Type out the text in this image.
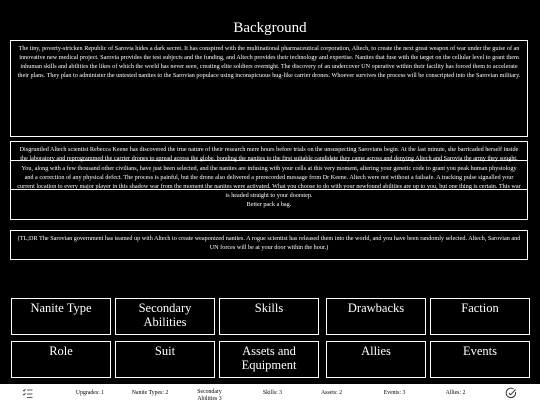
Background
The tiny, poverty-stricken Republic of Sarovia hides a dark secret. It has conspired with the multinational pharmaceutical corporation, Altech, to create the next great weapon of war under the guise of an innovative new medical project. Sarovia provides the test subjects and the funding, and Altech provides their technology and expertise. Nanites that fuse with the target on the cellular level to grant them inhuman skills and abilities the likes of which the world has never seen, creating elite soldiers overnight. The discovery of an undercover UN operative within their facility has forced them to accelerate their plans. They plan to administer the untested nanites to the Sarovian populace using inconspicuous bug-like carrier drones. Whoever survives the process will be conscripted into the Sarovian military.
Disgruntled Altech scientist Rebecca Keene has discovered the true nature of their research mere hours before trials on the unsuspecting Sarovians begin. At the last minute, she barricaded herself inside the laboratory and reprogrammed the carrier drones to spread across the globe, bonding the nanites to the first suitable candidate they came across and denying Altech and Sarovia the army they sought.
You, along with a few thousand other civilians, have just been selected, and the nanites are infusing with your cells at this very moment, altering your genetic code to grant you peak human physiology and a correction of any physical defect. The process is painful, but the drone also delivered a prerecorded message from Dr Keene. Altech were not without a failsafe. A tracking pulse signalled your current location to every major player in this shadow war from the moment the nanites were activated. What you choose to do with your newfound abilities are up to you, but one thing is certain. This war is headed straight to your doorstep.
Better pack a bag.
(TL;DR The Sarovian government has teamed up with Altech to create weaponized nanites. A rogue scientist has released them into the world, and you have been randomly selected. Altech, Sarovian and UN forces will be at your door within the hour.)
Nanite Type	Secondary Abilities
Skills	Drawbacks	Faction
Role	Suit	Assets and Equipment
Allies	Events
Upgrades: 1	Nanite Types: 2	Secondary Abilities 3
Skills: 3	Assets: 2	Events: 3	Allies: 2
